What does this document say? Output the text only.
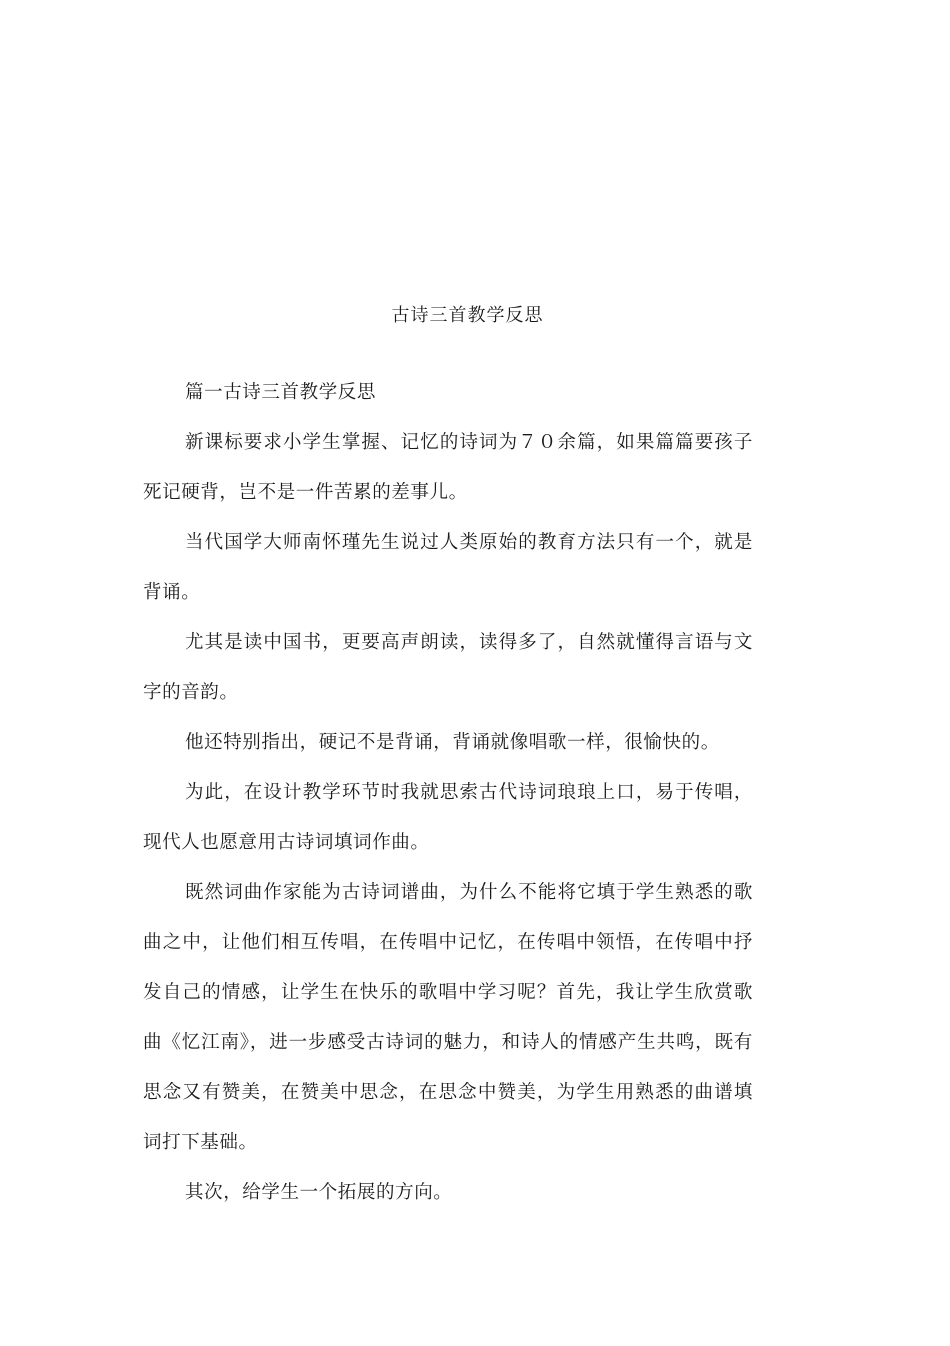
古诗三首教学反思

篇一古诗三首教学反思

新课标要求小学生掌握、记忆的诗词为７０余篇，如果篇篇要孩子死记硬背，岂不是一件苦累的差事儿。

当代国学大师南怀瑾先生说过人类原始的教育方法只有一个，就是背诵。

尤其是读中国书，更要高声朗读，读得多了，自然就懂得言语与文字的音韵。

他还特别指出，硬记不是背诵，背诵就像唱歌一样，很愉快的。

为此，在设计教学环节时我就思索古代诗词琅琅上口，易于传唱，现代人也愿意用古诗词填词作曲。

既然词曲作家能为古诗词谱曲，为什么不能将它填于学生熟悉的歌曲之中，让他们相互传唱，在传唱中记忆，在传唱中领悟，在传唱中抒发自己的情感，让学生在快乐的歌唱中学习呢？首先，我让学生欣赏歌曲《忆江南》，进一步感受古诗词的魅力，和诗人的情感产生共鸣，既有思念又有赞美，在赞美中思念，在思念中赞美，为学生用熟悉的曲谱填词打下基础。

其次，给学生一个拓展的方向。
